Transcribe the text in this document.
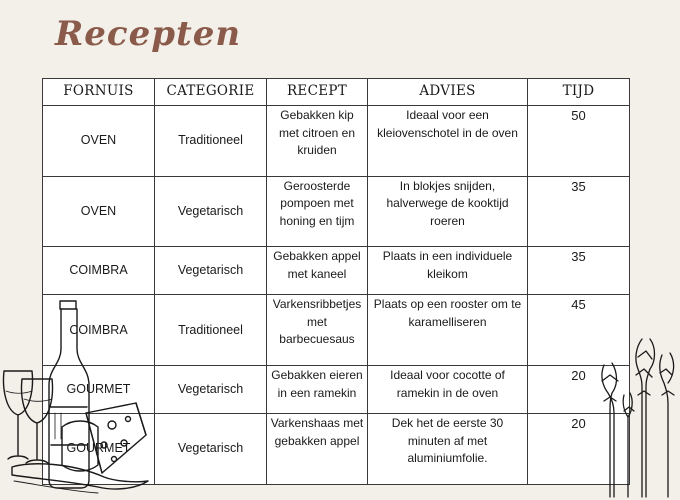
Recepten
FORNUIS	CATEGORIE	RECEPT	ADVIES	TIJD
OVEN	Traditioneel	Gebakken kip met citroen en kruiden	Ideaal voor een kleiovenschotel in de oven	50
OVEN	Vegetarisch	Geroosterde pompoen met honing en tijm	In blokjes snijden, halverwege de kooktijd roeren	35
COIMBRA	Vegetarisch	Gebakken appel met kaneel	Plaats in een individuele kleikom	35
COIMBRA	Traditioneel	Varkensribbetjes met barbecuesaus	Plaats op een rooster om te karamelliseren	45
GOURMET	Vegetarisch	Gebakken eieren in een ramekin	Ideaal voor cocotte of ramekin in de oven	20
GOURMET	Vegetarisch	Varkenshaas met gebakken appel	Dek het de eerste 30 minuten af met aluminiumfolie.	20
